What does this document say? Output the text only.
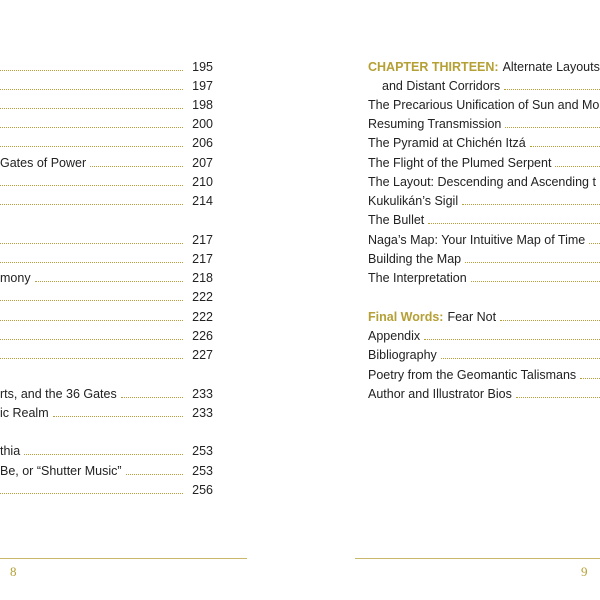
195
197
198
200
206
Gates of Power	207
210
214
217
217
mony	218
222
222
226
227
rts, and the 36 Gates	233
ic Realm	233
thia	253
Be, or “Shutter Music”	253
256
8
CHAPTER THIRTEEN: Alternate Layouts
and Distant Corridors
The Precarious Unification of Sun and Mo
Resuming Transmission
The Pyramid at Chichén Itzá
The Flight of the Plumed Serpent
The Layout: Descending and Ascending t
Kukulikán’s Sigil
The Bullet
Naga’s Map: Your Intuitive Map of Time
Building the Map
The Interpretation
Final Words: Fear Not
Appendix
Bibliography
Poetry from the Geomantic Talismans
Author and Illustrator Bios
9
